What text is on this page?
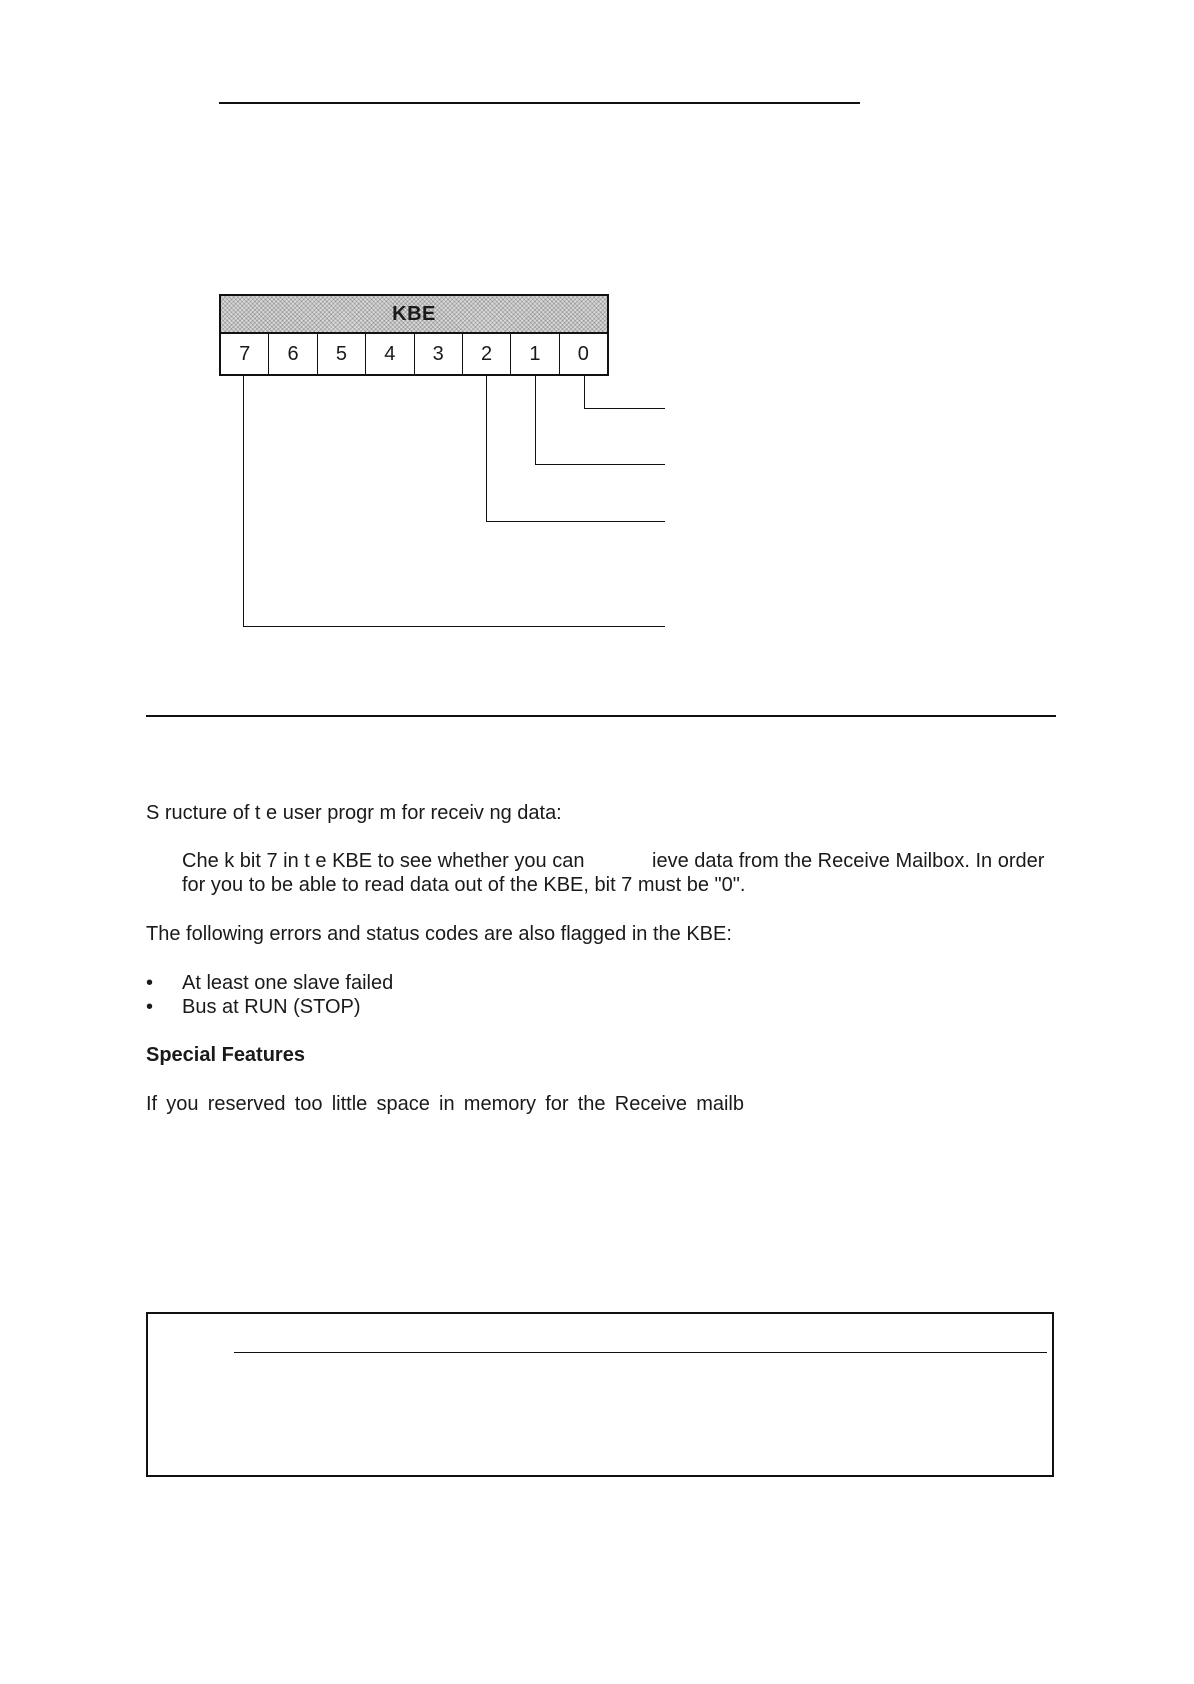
KBE
7	6	5	4	3	2	1	0
S ructure of t e user progr m for receiv ng data:
Che k bit 7 in t e KBE to see whether you can	ieve data from the Receive Mailbox. In order
for you to be able to read data out of the KBE, bit 7 must be "0".
The following errors and status codes are also flagged in the KBE:
• At least one slave failed
• Bus at RUN (STOP)
Special Features
If you reserved too little space in memory for the Receive mailb
